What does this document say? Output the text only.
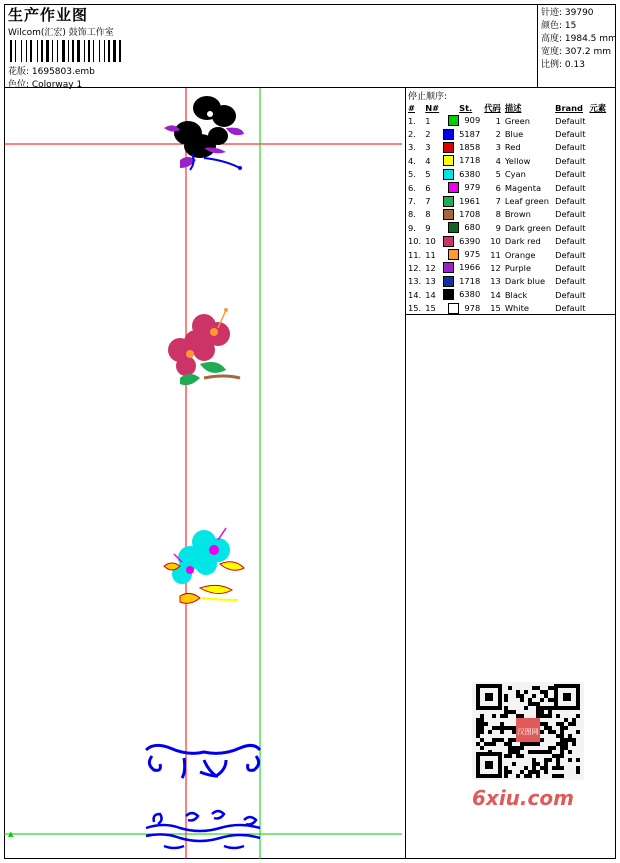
生产作业图
Wilcom(汇宏) 鼓饰工作室
花版: 1695803.emb
色位: Colorway 1
针迹: 39790
颜色: 15
高度: 1984.5 mm
宽度: 307.2 mm
比例: 0.13
▲
停止顺序:
#	N#	St.	代码	描述	Brand	元素
1.	1	909	1	Green	Default	
2.	2	5187	2	Blue	Default	
3.	3	1858	3	Red	Default	
4.	4	1718	4	Yellow	Default	
5.	5	6380	5	Cyan	Default	
6.	6	979	6	Magenta	Default	
7.	7	1961	7	Leaf green	Default	
8.	8	1708	8	Brown	Default	
9.	9	680	9	Dark green	Default	
10.	10	6390	10	Dark red	Default	
11.	11	975	11	Orange	Default	
12.	12	1966	12	Purple	Default	
13.	13	1718	13	Dark blue	Default	
14.	14	6380	14	Black	Default	
15.	15	978	15	White	Default	
汉图网
6xiu.com
